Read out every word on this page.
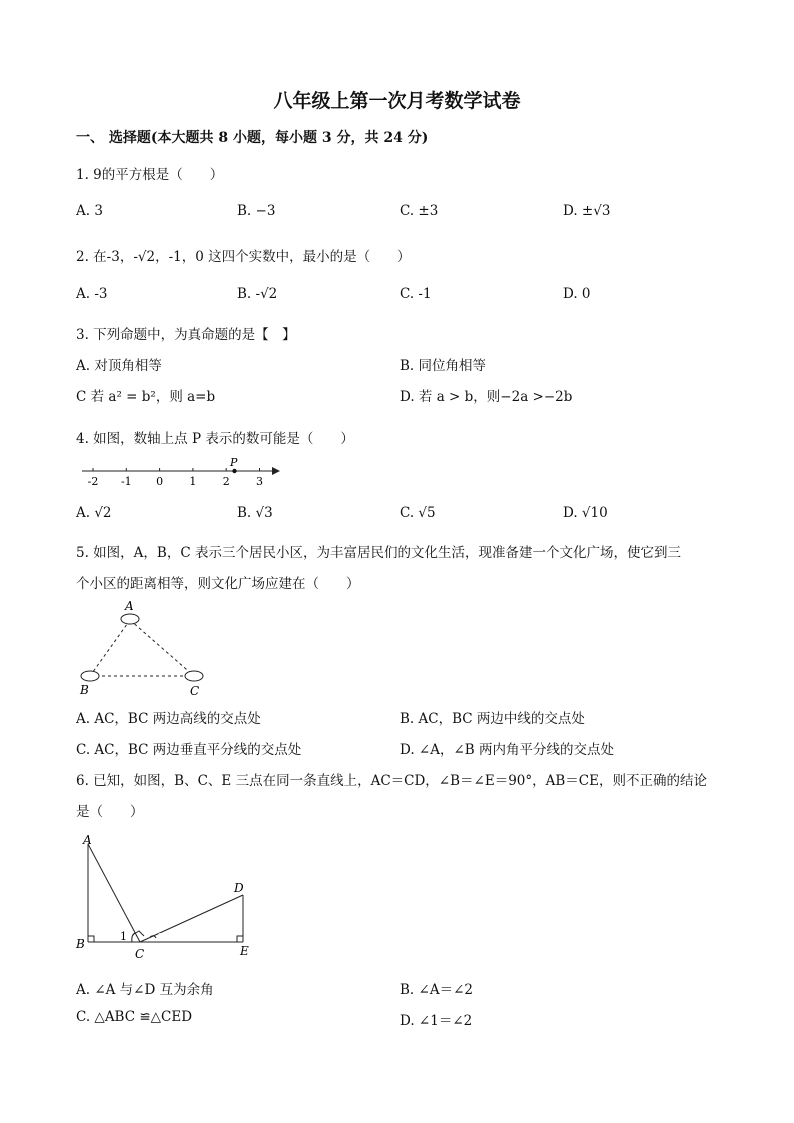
八年级上第一次月考数学试卷
一、 选择题(本大题共 8 小题，每小题 3 分，共 24 分)
1. 9的平方根是（　　）
A. 3	B. −3	C. ±3	D. ±√3
2. 在-3，-√2，-1，0 这四个实数中，最小的是（　　）
A. -3	B. -√2	C. -1	D. 0
3. 下列命题中，为真命题的是【　】
A. 对顶角相等	B. 同位角相等
C 若 a² = b²，则 a=b	D. 若 a > b，则−2a >−2b
4. 如图，数轴上点 P 表示的数可能是（　　）
-2 -1 0 1 2 3
P
A. √2	B. √3	C. √5	D. √10
5. 如图，A，B，C 表示三个居民小区，为丰富居民们的文化生活，现准备建一个文化广场，使它到三
个小区的距离相等，则文化广场应建在（　　）
A
B	C
A. AC，BC 两边高线的交点处	B. AC，BC 两边中线的交点处
C. AC，BC 两边垂直平分线的交点处	D. ∠A，∠B 两内角平分线的交点处
6. 已知，如图，B、C、E 三点在同一条直线上，AC＝CD，∠B＝∠E＝90°，AB＝CE，则不正确的结论
是（　　）
A
D
B
C	E
1	2
A. ∠A 与∠D 互为余角	B. ∠A＝∠2
C. △ABC ≌△CED	D. ∠1＝∠2
